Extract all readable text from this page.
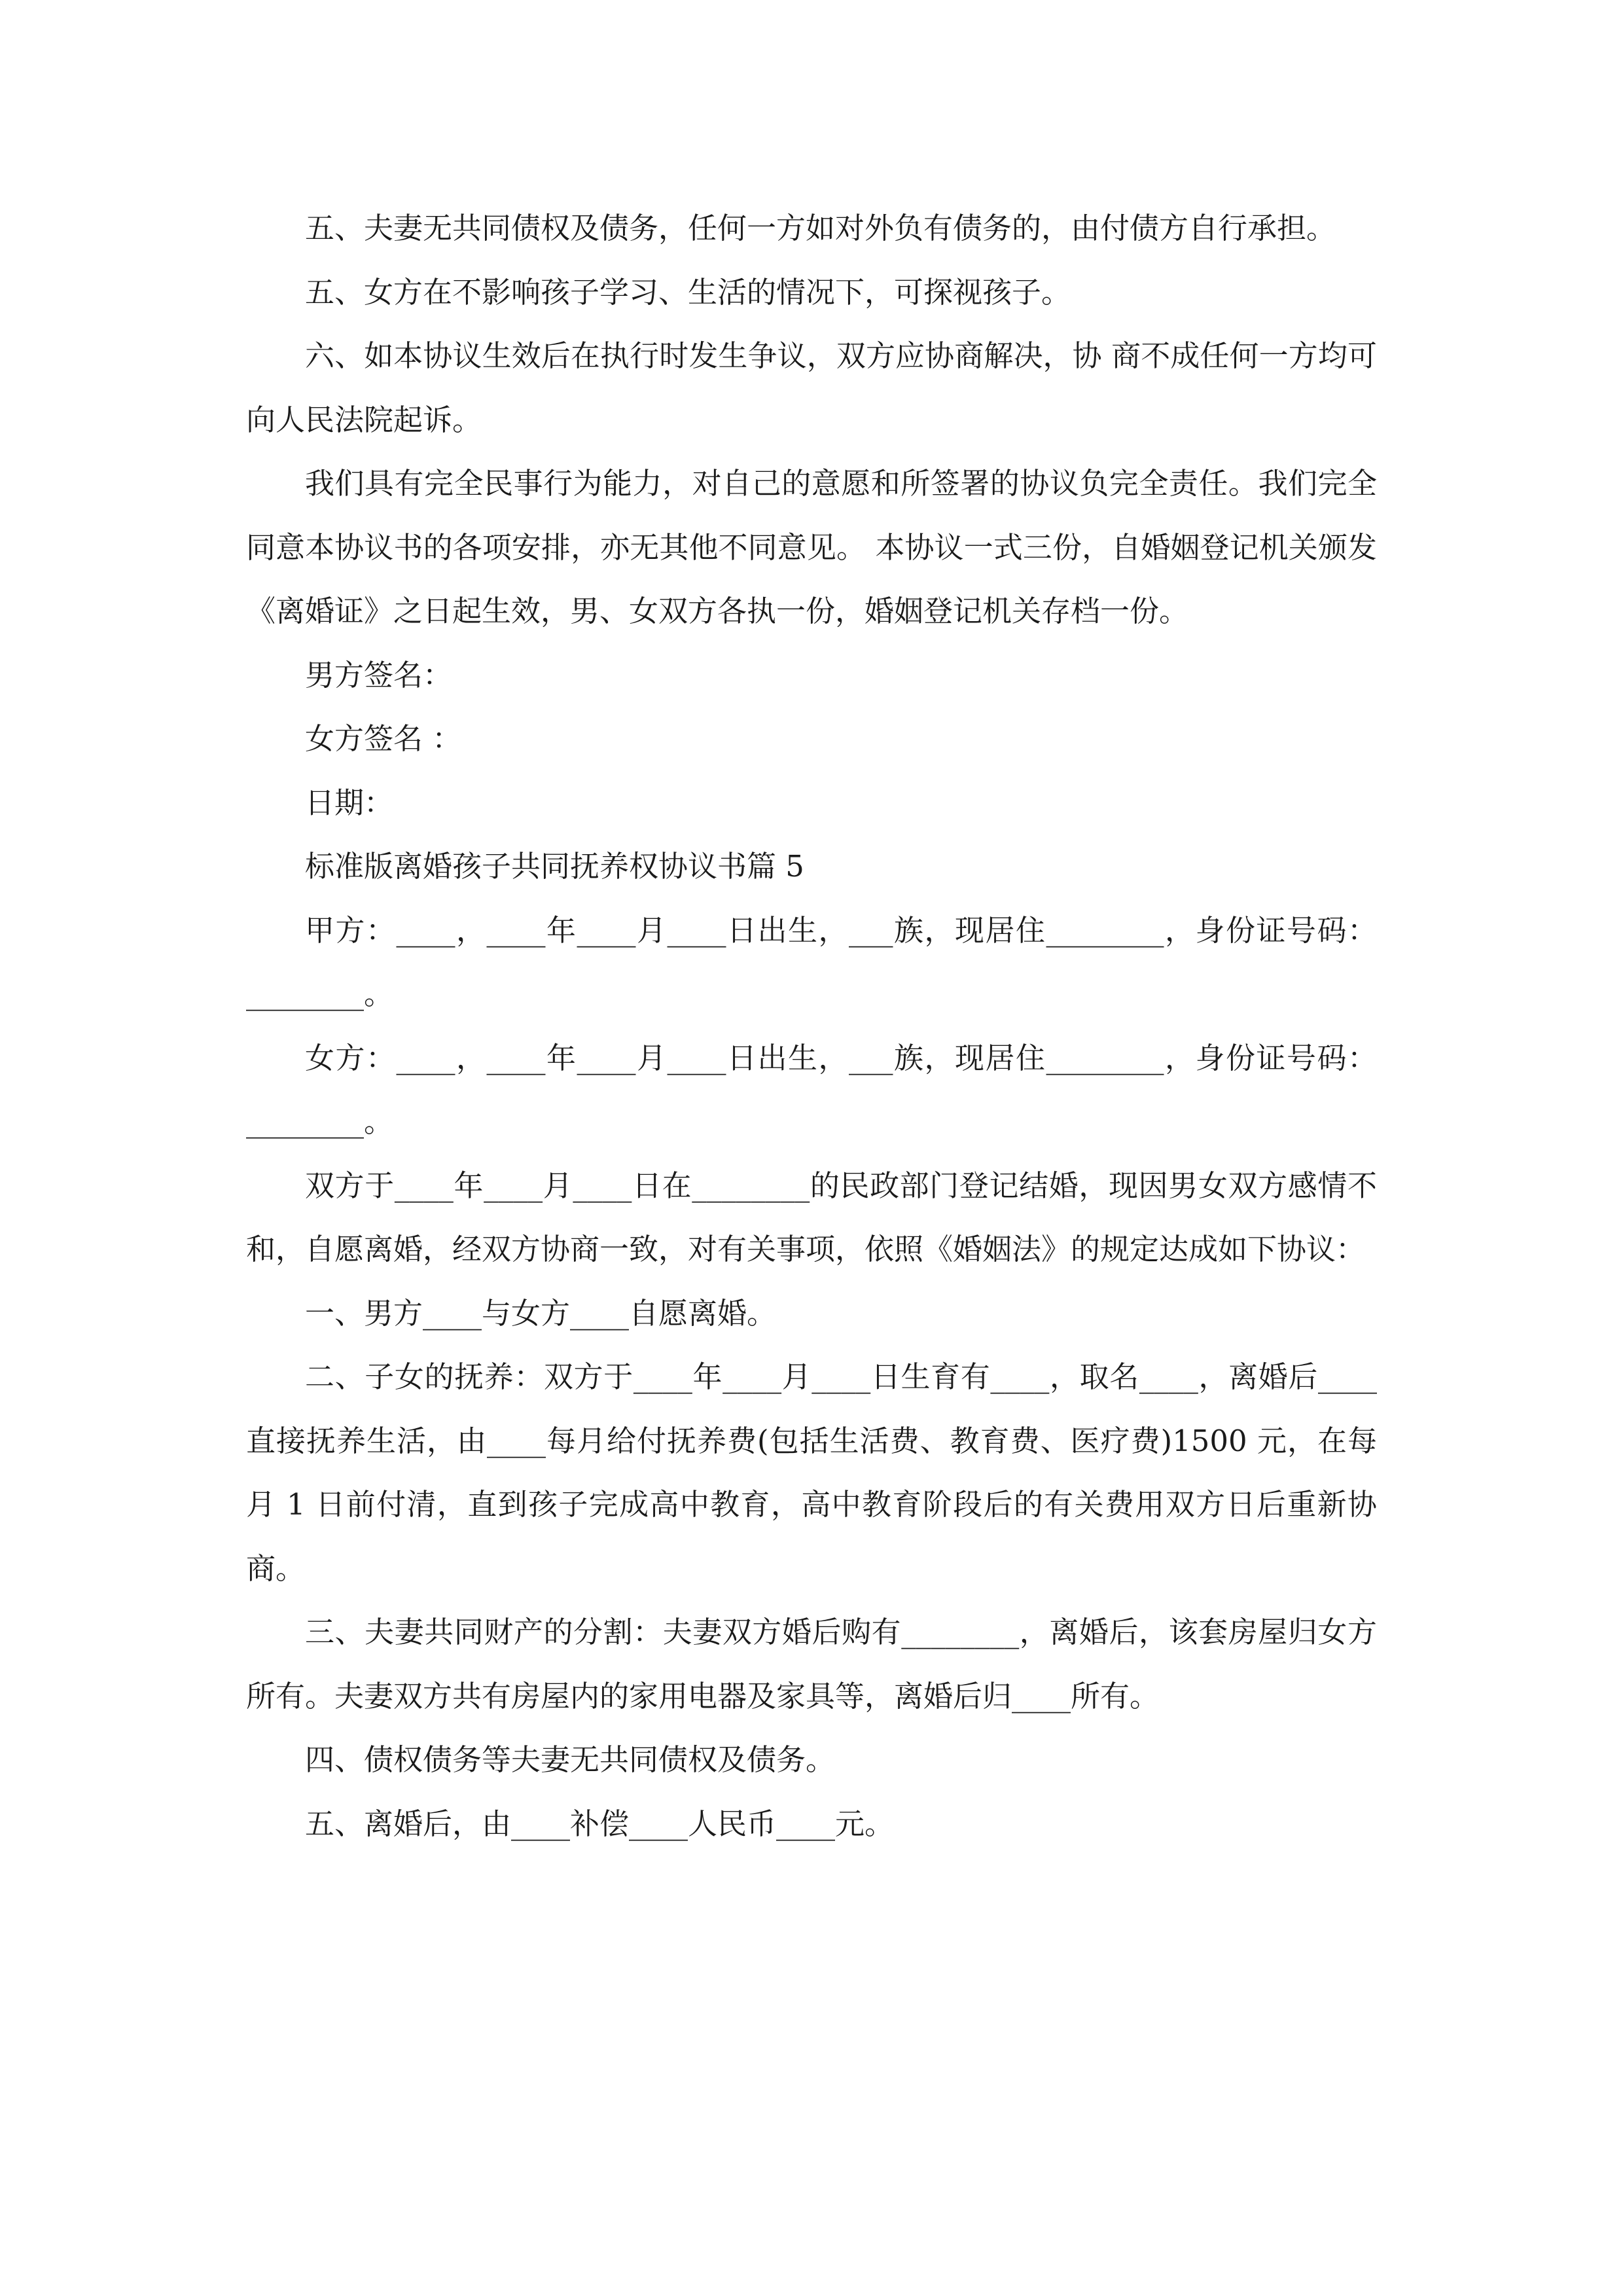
五、夫妻无共同债权及债务，任何一方如对外负有债务的，由付债方自行承担。

五、女方在不影响孩子学习、生活的情况下，可探视孩子。

六、如本协议生效后在执行时发生争议，双方应协商解决，协 商不成任何一方均可向人民法院起诉。

我们具有完全民事行为能力，对自己的意愿和所签署的协议负完全责任。我们完全同意本协议书的各项安排，亦无其他不同意见。 本协议一式三份，自婚姻登记机关颁发《离婚证》之日起生效，男、女双方各执一份，婚姻登记机关存档一份。

男方签名：

女方签名 ：

日期：

标准版离婚孩子共同抚养权协议书篇 5

甲方：____，____年____月____日出生，___族，现居住________，身份证号码：________。

女方：____，____年____月____日出生，___族，现居住________，身份证号码：________。

双方于____年____月____日在________的民政部门登记结婚，现因男女双方感情不和，自愿离婚，经双方协商一致，对有关事项，依照《婚姻法》的规定达成如下协议：

一、男方____与女方____自愿离婚。

二、子女的抚养：双方于____年____月____日生育有____，取名____，离婚后____直接抚养生活，由____每月给付抚养费(包括生活费、教育费、医疗费)1500 元，在每月 1 日前付清，直到孩子完成高中教育，高中教育阶段后的有关费用双方日后重新协商。

三、夫妻共同财产的分割：夫妻双方婚后购有________，离婚后，该套房屋归女方所有。夫妻双方共有房屋内的家用电器及家具等，离婚后归____所有。

四、债权债务等夫妻无共同债权及债务。

五、离婚后，由____补偿____人民币____元。
